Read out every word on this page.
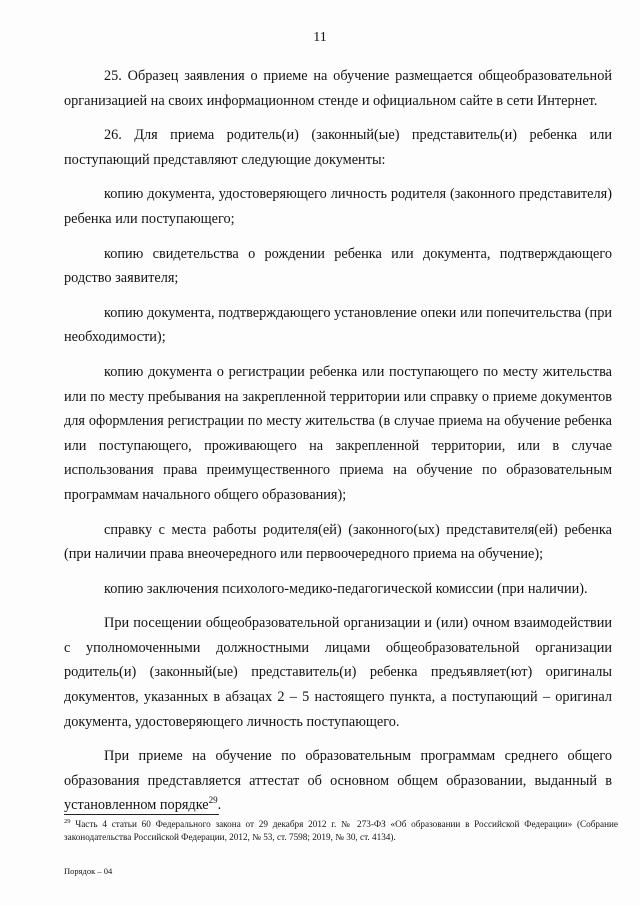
11

25. Образец заявления о приеме на обучение размещается общеобразовательной организацией на своих информационном стенде и официальном сайте в сети Интернет.

26. Для приема родитель(и) (законный(ые) представитель(и) ребенка или поступающий представляют следующие документы:

копию документа, удостоверяющего личность родителя (законного представителя) ребенка или поступающего;

копию свидетельства о рождении ребенка или документа, подтверждающего родство заявителя;

копию документа, подтверждающего установление опеки или попечительства (при необходимости);

копию документа о регистрации ребенка или поступающего по месту жительства или по месту пребывания на закрепленной территории или справку о приеме документов для оформления регистрации по месту жительства (в случае приема на обучение ребенка или поступающего, проживающего на закрепленной территории, или в случае использования права преимущественного приема на обучение по образовательным программам начального общего образования);

справку с места работы родителя(ей) (законного(ых) представителя(ей) ребенка (при наличии права внеочередного или первоочередного приема на обучение);

копию заключения психолого-медико-педагогической комиссии (при наличии).

При посещении общеобразовательной организации и (или) очном взаимодействии с уполномоченными должностными лицами общеобразовательной организации родитель(и) (законный(ые) представитель(и) ребенка предъявляет(ют) оригиналы документов, указанных в абзацах 2 – 5 настоящего пункта, а поступающий – оригинал документа, удостоверяющего личность поступающего.

При приеме на обучение по образовательным программам среднего общего образования представляется аттестат об основном общем образовании, выданный в установленном порядке$^{29}$.

$^{29}$ Часть 4 статьи 60 Федерального закона от 29 декабря 2012 г. № 273-ФЗ «Об образовании в Российской Федерации» (Собрание законодательства Российской Федерации, 2012, № 53, ст. 7598; 2019, № 30, ст. 4134).
Порядок – 04
